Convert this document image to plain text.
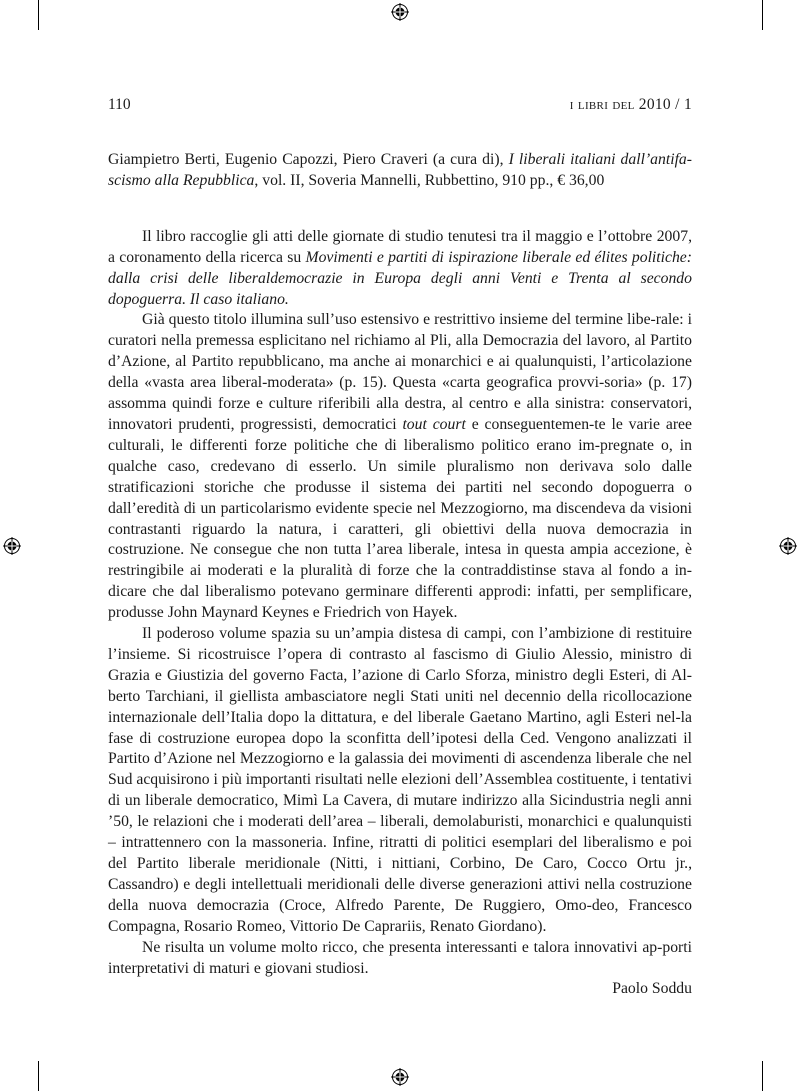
110	i libri del 2010 / 1

Giampietro Berti, Eugenio Capozzi, Piero Craveri (a cura di), I liberali italiani dall’antifa-scismo alla Repubblica, vol. II, Soveria Mannelli, Rubbettino, 910 pp., € 36,00

Il libro raccoglie gli atti delle giornate di studio tenutesi tra il maggio e l’ottobre 2007, a coronamento della ricerca su Movimenti e partiti di ispirazione liberale ed élites politiche: dalla crisi delle liberaldemocrazie in Europa degli anni Venti e Trenta al secondo dopoguerra. Il caso italiano.

Già questo titolo illumina sull’uso estensivo e restrittivo insieme del termine libe-rale: i curatori nella premessa esplicitano nel richiamo al Pli, alla Democrazia del lavoro, al Partito d’Azione, al Partito repubblicano, ma anche ai monarchici e ai qualunquisti, l’articolazione della «vasta area liberal-moderata» (p. 15). Questa «carta geografica provvi-soria» (p. 17) assomma quindi forze e culture riferibili alla destra, al centro e alla sinistra: conservatori, innovatori prudenti, progressisti, democratici tout court e conseguentemen-te le varie aree culturali, le differenti forze politiche che di liberalismo politico erano im-pregnate o, in qualche caso, credevano di esserlo. Un simile pluralismo non derivava solo dalle stratificazioni storiche che produsse il sistema dei partiti nel secondo dopoguerra o dall’eredità di un particolarismo evidente specie nel Mezzogiorno, ma discendeva da visioni contrastanti riguardo la natura, i caratteri, gli obiettivi della nuova democrazia in costruzione. Ne consegue che non tutta l’area liberale, intesa in questa ampia accezione, è restringibile ai moderati e la pluralità di forze che la contraddistinse stava al fondo a in-dicare che dal liberalismo potevano germinare differenti approdi: infatti, per semplificare, produsse John Maynard Keynes e Friedrich von Hayek.

Il poderoso volume spazia su un’ampia distesa di campi, con l’ambizione di restituire l’insieme. Si ricostruisce l’opera di contrasto al fascismo di Giulio Alessio, ministro di Grazia e Giustizia del governo Facta, l’azione di Carlo Sforza, ministro degli Esteri, di Al-berto Tarchiani, il giellista ambasciatore negli Stati uniti nel decennio della ricollocazione internazionale dell’Italia dopo la dittatura, e del liberale Gaetano Martino, agli Esteri nel-la fase di costruzione europea dopo la sconfitta dell’ipotesi della Ced. Vengono analizzati il Partito d’Azione nel Mezzogiorno e la galassia dei movimenti di ascendenza liberale che nel Sud acquisirono i più importanti risultati nelle elezioni dell’Assemblea costituente, i tentativi di un liberale democratico, Mimì La Cavera, di mutare indirizzo alla Sicindustria negli anni ’50, le relazioni che i moderati dell’area – liberali, demolaburisti, monarchici e qualunquisti – intrattennero con la massoneria. Infine, ritratti di politici esemplari del liberalismo e poi del Partito liberale meridionale (Nitti, i nittiani, Corbino, De Caro, Cocco Ortu jr., Cassandro) e degli intellettuali meridionali delle diverse generazioni attivi nella costruzione della nuova democrazia (Croce, Alfredo Parente, De Ruggiero, Omo-deo, Francesco Compagna, Rosario Romeo, Vittorio De Caprariis, Renato Giordano).

Ne risulta un volume molto ricco, che presenta interessanti e talora innovativi ap-porti interpretativi di maturi e giovani studiosi.

Paolo Soddu
